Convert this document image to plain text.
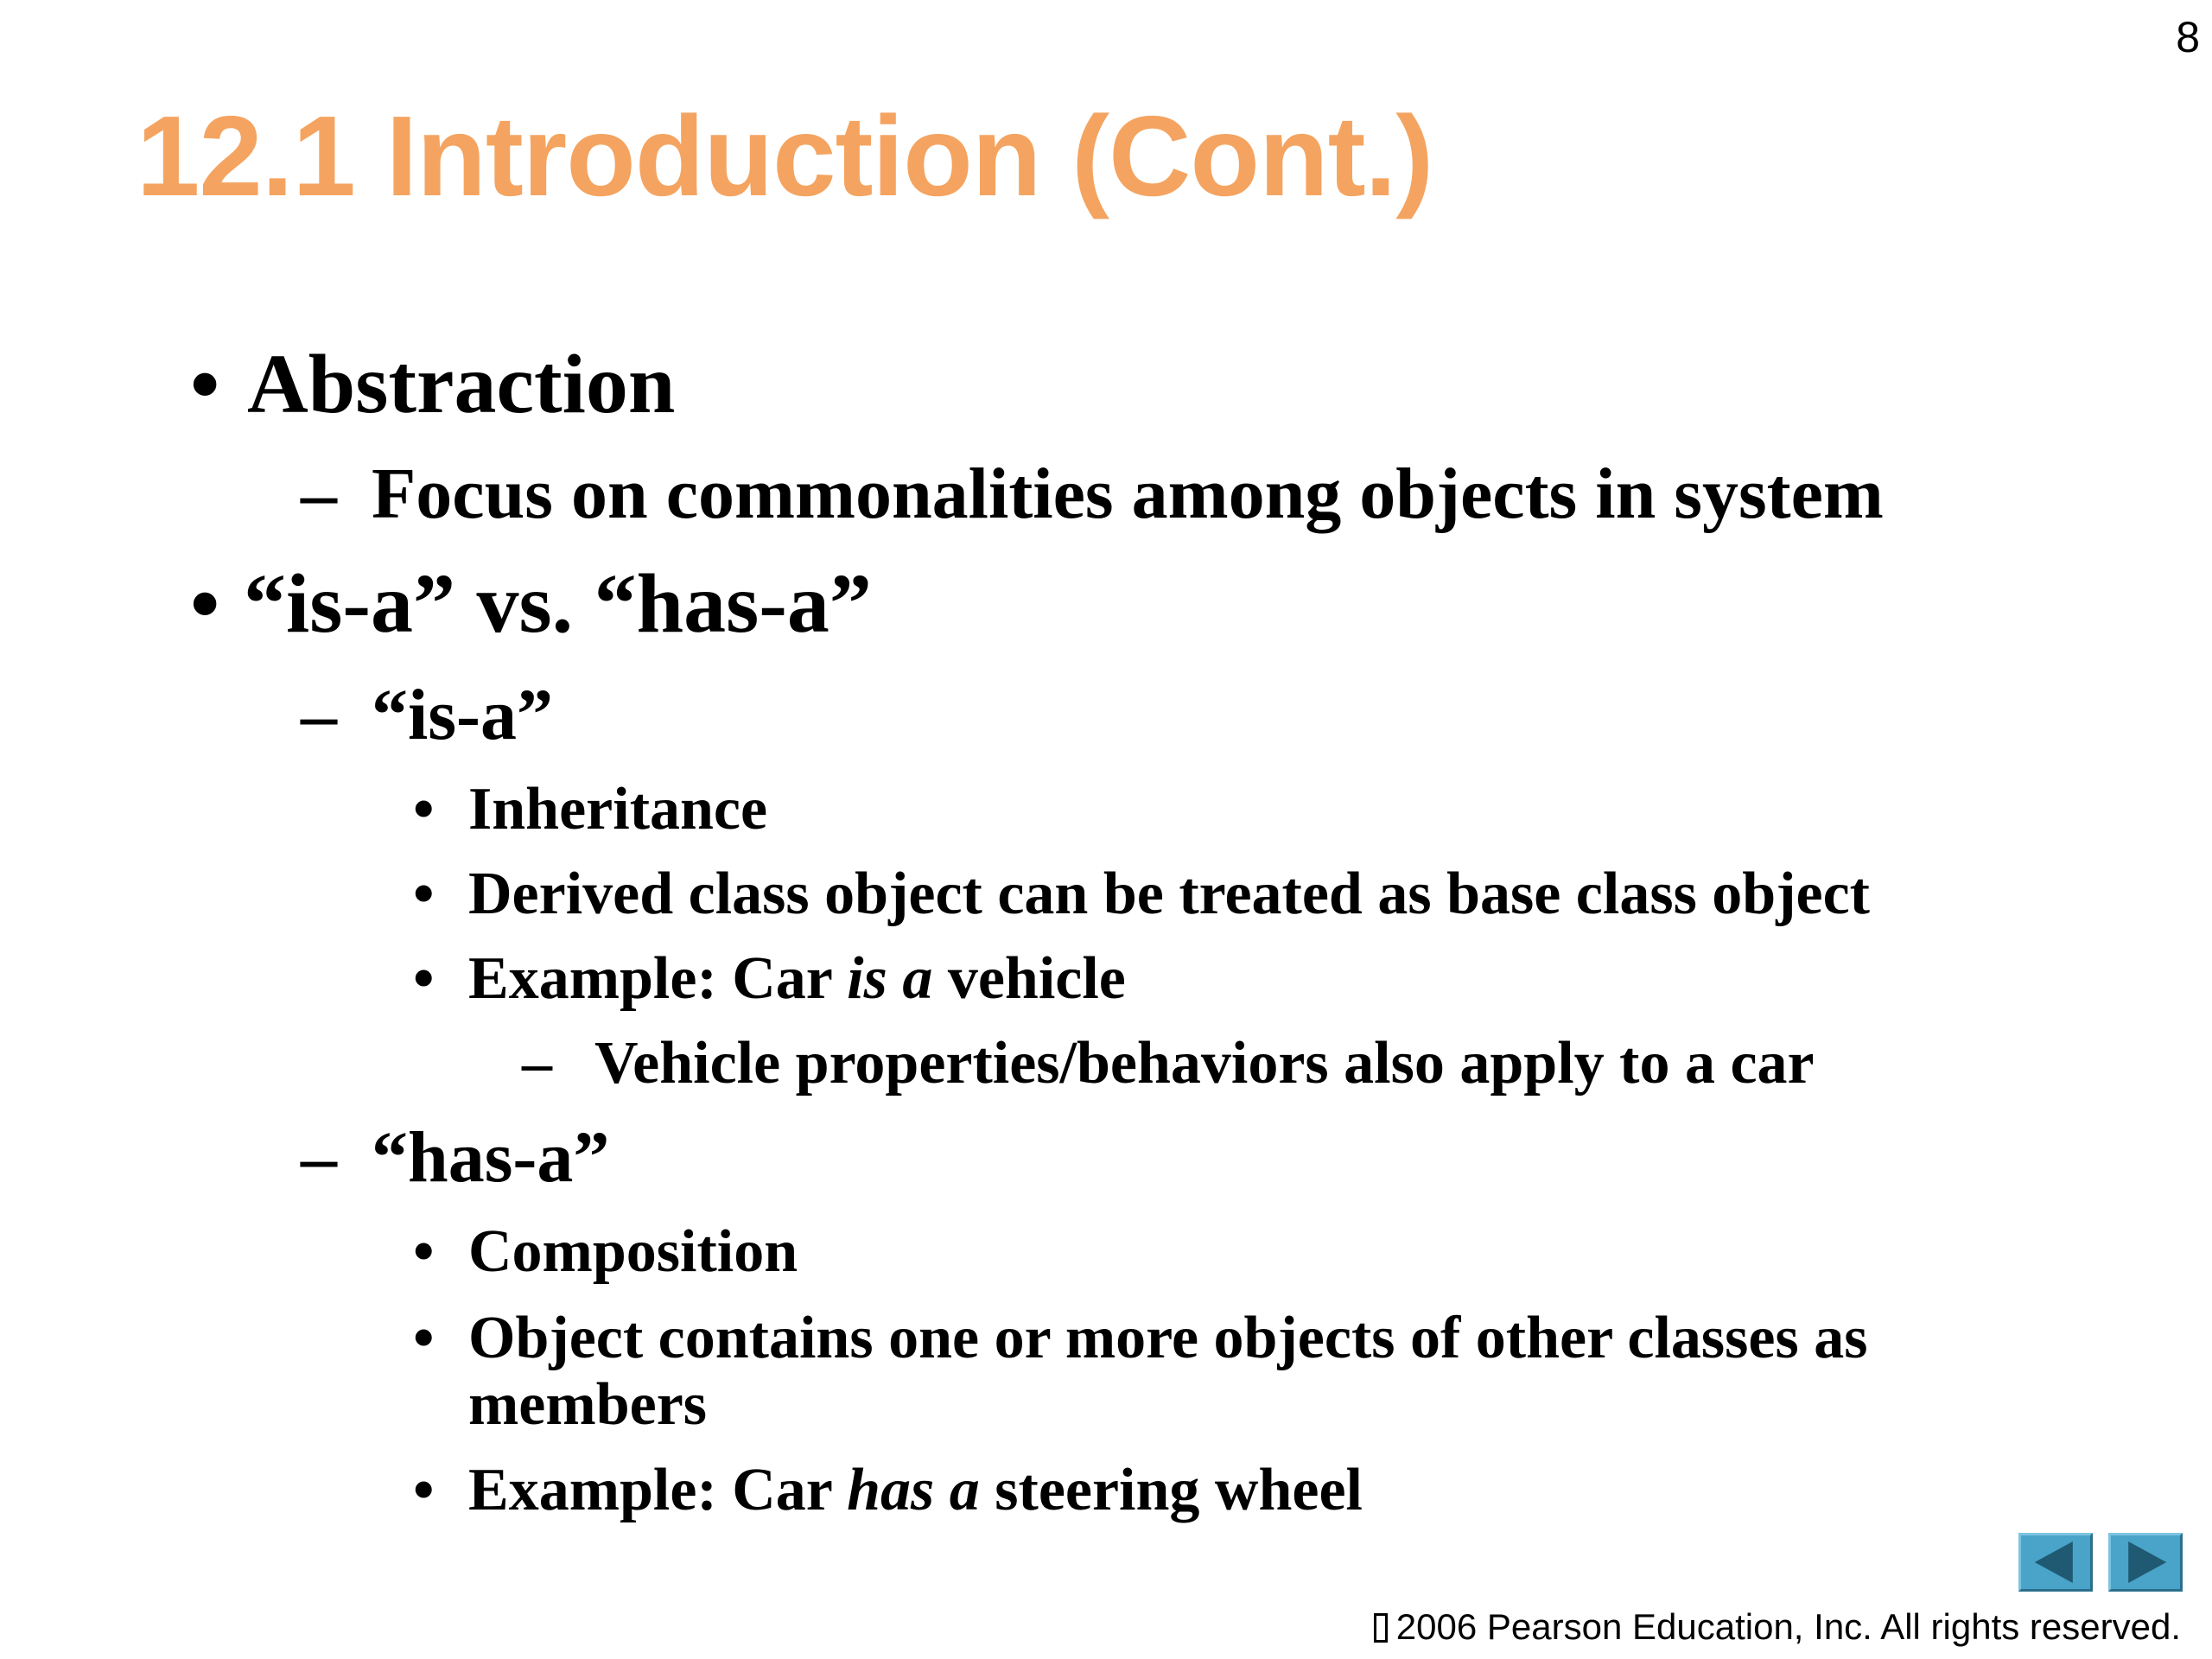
8
12.1 Introduction (Cont.)
• Abstraction
– Focus on commonalities among objects in system
• “is-a” vs. “has-a”
– “is-a”
• Inheritance
• Derived class object can be treated as base class object
• Example: Car is a vehicle
– Vehicle properties/behaviors also apply to a car
– “has-a”
• Composition
• Object contains one or more objects of other classes as members
• Example: Car has a steering wheel
2006 Pearson Education, Inc. All rights reserved.
